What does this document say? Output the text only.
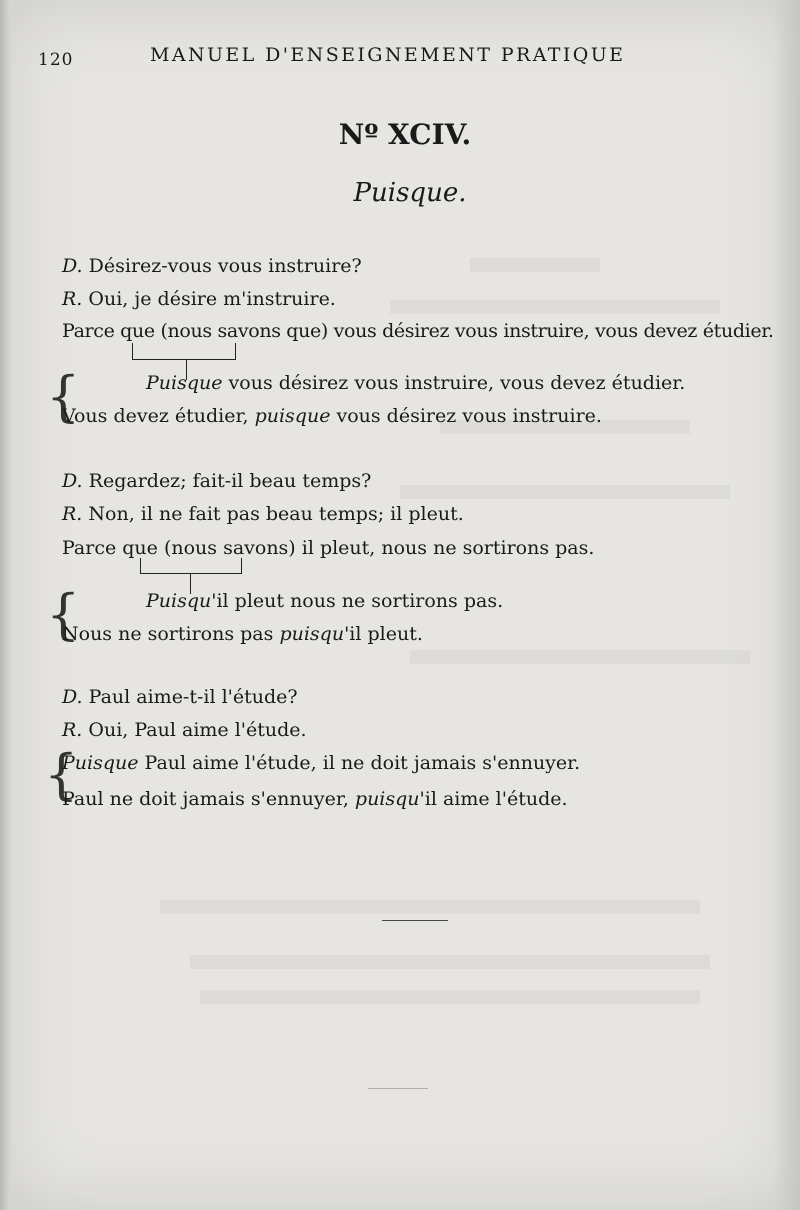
120	MANUEL D'ENSEIGNEMENT PRATIQUE
Nº XCIV.
Puisque.
D. Désirez-vous vous instruire?
R. Oui, je désire m'instruire.
Parce que (nous savons que) vous désirez vous instruire, vous devez étudier.
{	Puisque vous désirez vous instruire, vous devez étudier.
Vous devez étudier, puisque vous désirez vous instruire.
D. Regardez; fait-il beau temps?
R. Non, il ne fait pas beau temps; il pleut.
Parce que (nous savons) il pleut, nous ne sortirons pas.
{	Puisqu'il pleut nous ne sortirons pas.
Nous ne sortirons pas puisqu'il pleut.
D. Paul aime-t-il l'étude?
R. Oui, Paul aime l'étude.
{
Puisque Paul aime l'étude, il ne doit jamais s'ennuyer.
Paul ne doit jamais s'ennuyer, puisqu'il aime l'étude.
